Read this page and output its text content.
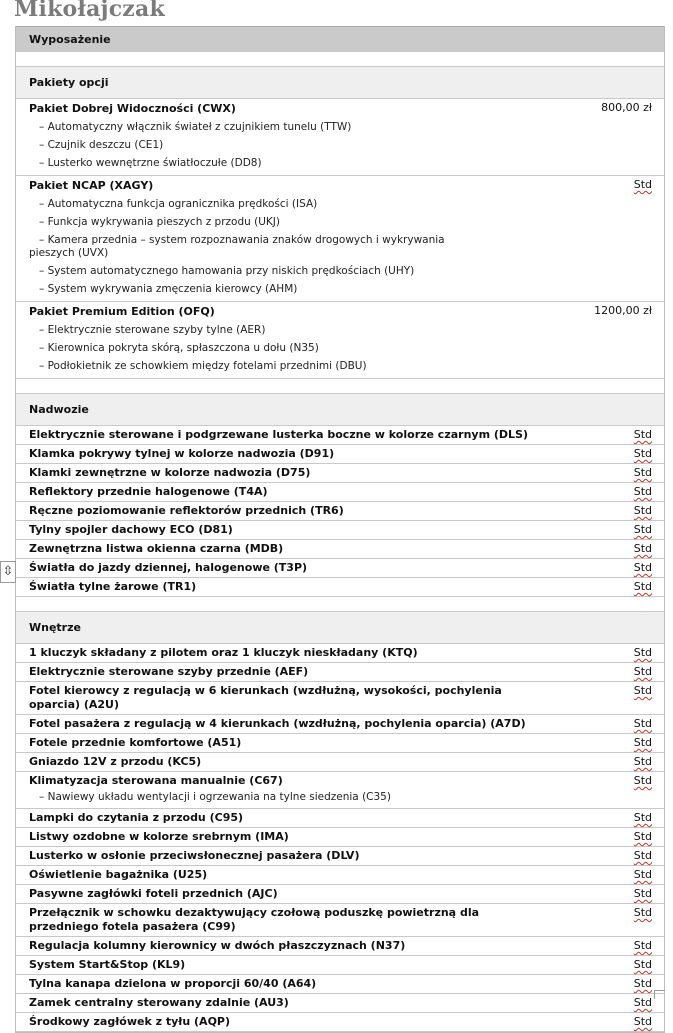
Mikołajczak
Wyposażenie
Pakiety opcji
Pakiet Dobrej Widoczności (CWX)	800,00 zł
– Automatyczny włącznik świateł z czujnikiem tunelu (TTW)
– Czujnik deszczu (CE1)
– Lusterko wewnętrzne światłoczułe (DD8)
Pakiet NCAP (XAGY)	Std
– Automatyczna funkcja ogranicznika prędkości (ISA)
– Funkcja wykrywania pieszych z przodu (UKJ)
– Kamera przednia – system rozpoznawania znaków drogowych i wykrywania pieszych (UVX)
– System automatycznego hamowania przy niskich prędkościach (UHY)
– System wykrywania zmęczenia kierowcy (AHM)
Pakiet Premium Edition (OFQ)	1200,00 zł
– Elektrycznie sterowane szyby tylne (AER)
– Kierownica pokryta skórą, spłaszczona u dołu (N35)
– Podłokietnik ze schowkiem między fotelami przednimi (DBU)
Nadwozie
Elektrycznie sterowane i podgrzewane lusterka boczne w kolorze czarnym (DLS)	Std
Klamka pokrywy tylnej w kolorze nadwozia (D91)	Std
Klamki zewnętrzne w kolorze nadwozia (D75)	Std
Reflektory przednie halogenowe (T4A)	Std
Ręczne poziomowanie reflektorów przednich (TR6)	Std
Tylny spojler dachowy ECO (D81)	Std
Zewnętrzna listwa okienna czarna (MDB)	Std
Światła do jazdy dziennej, halogenowe (T3P)	Std
Światła tylne żarowe (TR1)	Std
Wnętrze
1 kluczyk składany z pilotem oraz 1 kluczyk nieskładany (KTQ)	Std
Elektrycznie sterowane szyby przednie (AEF)	Std
Fotel kierowcy z regulacją w 6 kierunkach (wzdłużną, wysokości, pochylenia oparcia) (A2U)
Std
Fotel pasażera z regulacją w 4 kierunkach (wzdłużną, pochylenia oparcia) (A7D)	Std
Fotele przednie komfortowe (A51)	Std
Gniazdo 12V z przodu (KC5)	Std
Klimatyzacja sterowana manualnie (C67)	Std
– Nawiewy układu wentylacji i ogrzewania na tylne siedzenia (C35)
Lampki do czytania z przodu (C95)	Std
Listwy ozdobne w kolorze srebrnym (IMA)	Std
Lusterko w osłonie przeciwsłonecznej pasażera (DLV)	Std
Oświetlenie bagażnika (U25)	Std
Pasywne zagłówki foteli przednich (AJC)	Std
Przełącznik w schowku dezaktywujący czołową poduszkę powietrzną dla przedniego fotela pasażera (C99)
Std
Regulacja kolumny kierownicy w dwóch płaszczyznach (N37)	Std
System Start&Stop (KL9)	Std
Tylna kanapa dzielona w proporcji 60/40 (A64)	Std
Zamek centralny sterowany zdalnie (AU3)	Std
Środkowy zagłówek z tyłu (AQP)	Std
⇳
